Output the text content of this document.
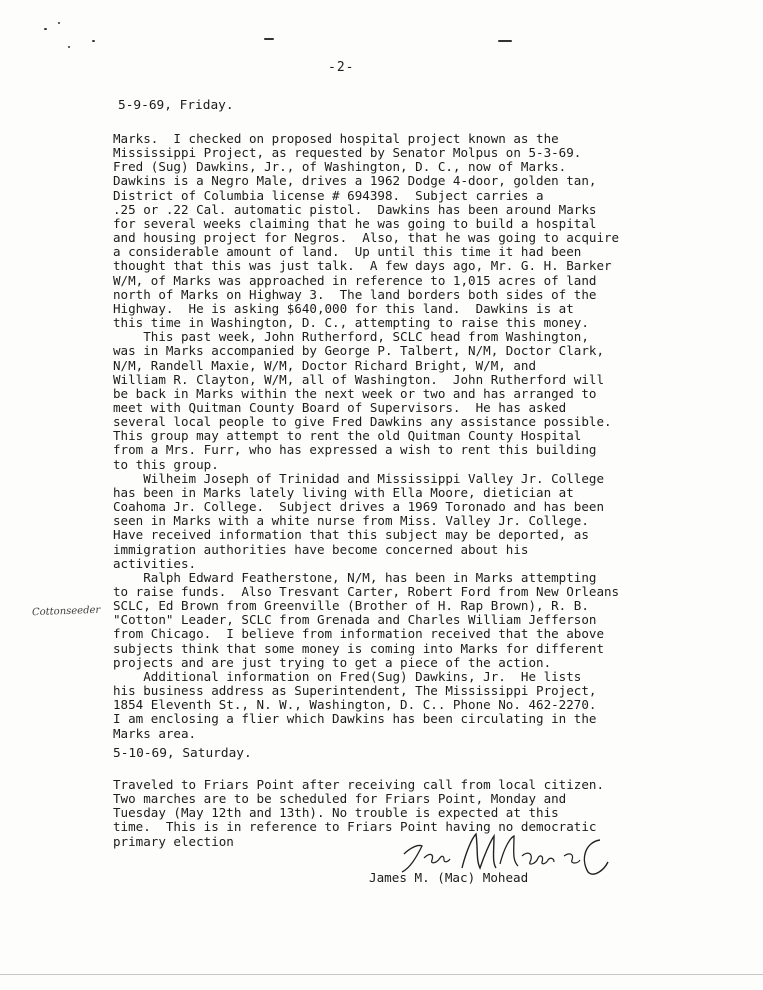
-2-
5-9-69, Friday.
Marks.  I checked on proposed hospital project known as the
Mississippi Project, as requested by Senator Molpus on 5-3-69.
Fred (Sug) Dawkins, Jr., of Washington, D. C., now of Marks.
Dawkins is a Negro Male, drives a 1962 Dodge 4-door, golden tan,
District of Columbia license # 694398.  Subject carries a
.25 or .22 Cal. automatic pistol.  Dawkins has been around Marks
for several weeks claiming that he was going to build a hospital
and housing project for Negros.  Also, that he was going to acquire
a considerable amount of land.  Up until this time it had been
thought that this was just talk.  A few days ago, Mr. G. H. Barker
W/M, of Marks was approached in reference to 1,015 acres of land
north of Marks on Highway 3.  The land borders both sides of the
Highway.  He is asking $640,000 for this land.  Dawkins is at
this time in Washington, D. C., attempting to raise this money.
This past week, John Rutherford, SCLC head from Washington,
was in Marks accompanied by George P. Talbert, N/M, Doctor Clark,
N/M, Randell Maxie, W/M, Doctor Richard Bright, W/M, and
William R. Clayton, W/M, all of Washington.  John Rutherford will
be back in Marks within the next week or two and has arranged to
meet with Quitman County Board of Supervisors.  He has asked
several local people to give Fred Dawkins any assistance possible.
This group may attempt to rent the old Quitman County Hospital
from a Mrs. Furr, who has expressed a wish to rent this building
to this group.
Wilheim Joseph of Trinidad and Mississippi Valley Jr. College
has been in Marks lately living with Ella Moore, dietician at
Coahoma Jr. College.  Subject drives a 1969 Toronado and has been
seen in Marks with a white nurse from Miss. Valley Jr. College.
Have received information that this subject may be deported, as
immigration authorities have become concerned about his
activities.
Ralph Edward Featherstone, N/M, has been in Marks attempting
to raise funds.  Also Tresvant Carter, Robert Ford from New Orleans
SCLC, Ed Brown from Greenville (Brother of H. Rap Brown), R. B.
"Cotton" Leader, SCLC from Grenada and Charles William Jefferson
from Chicago.  I believe from information received that the above
subjects think that some money is coming into Marks for different
projects and are just trying to get a piece of the action.
Additional information on Fred(Sug) Dawkins, Jr.  He lists
his business address as Superintendent, The Mississippi Project,
1854 Eleventh St., N. W., Washington, D. C.. Phone No. 462-2270.
I am enclosing a flier which Dawkins has been circulating in the
Marks area.
Cottonseeder
5-10-69, Saturday.
Traveled to Friars Point after receiving call from local citizen.
Two marches are to be scheduled for Friars Point, Monday and
Tuesday (May 12th and 13th). No trouble is expected at this
time.  This is in reference to Friars Point having no democratic
primary election
James M. (Mac) Mohead
